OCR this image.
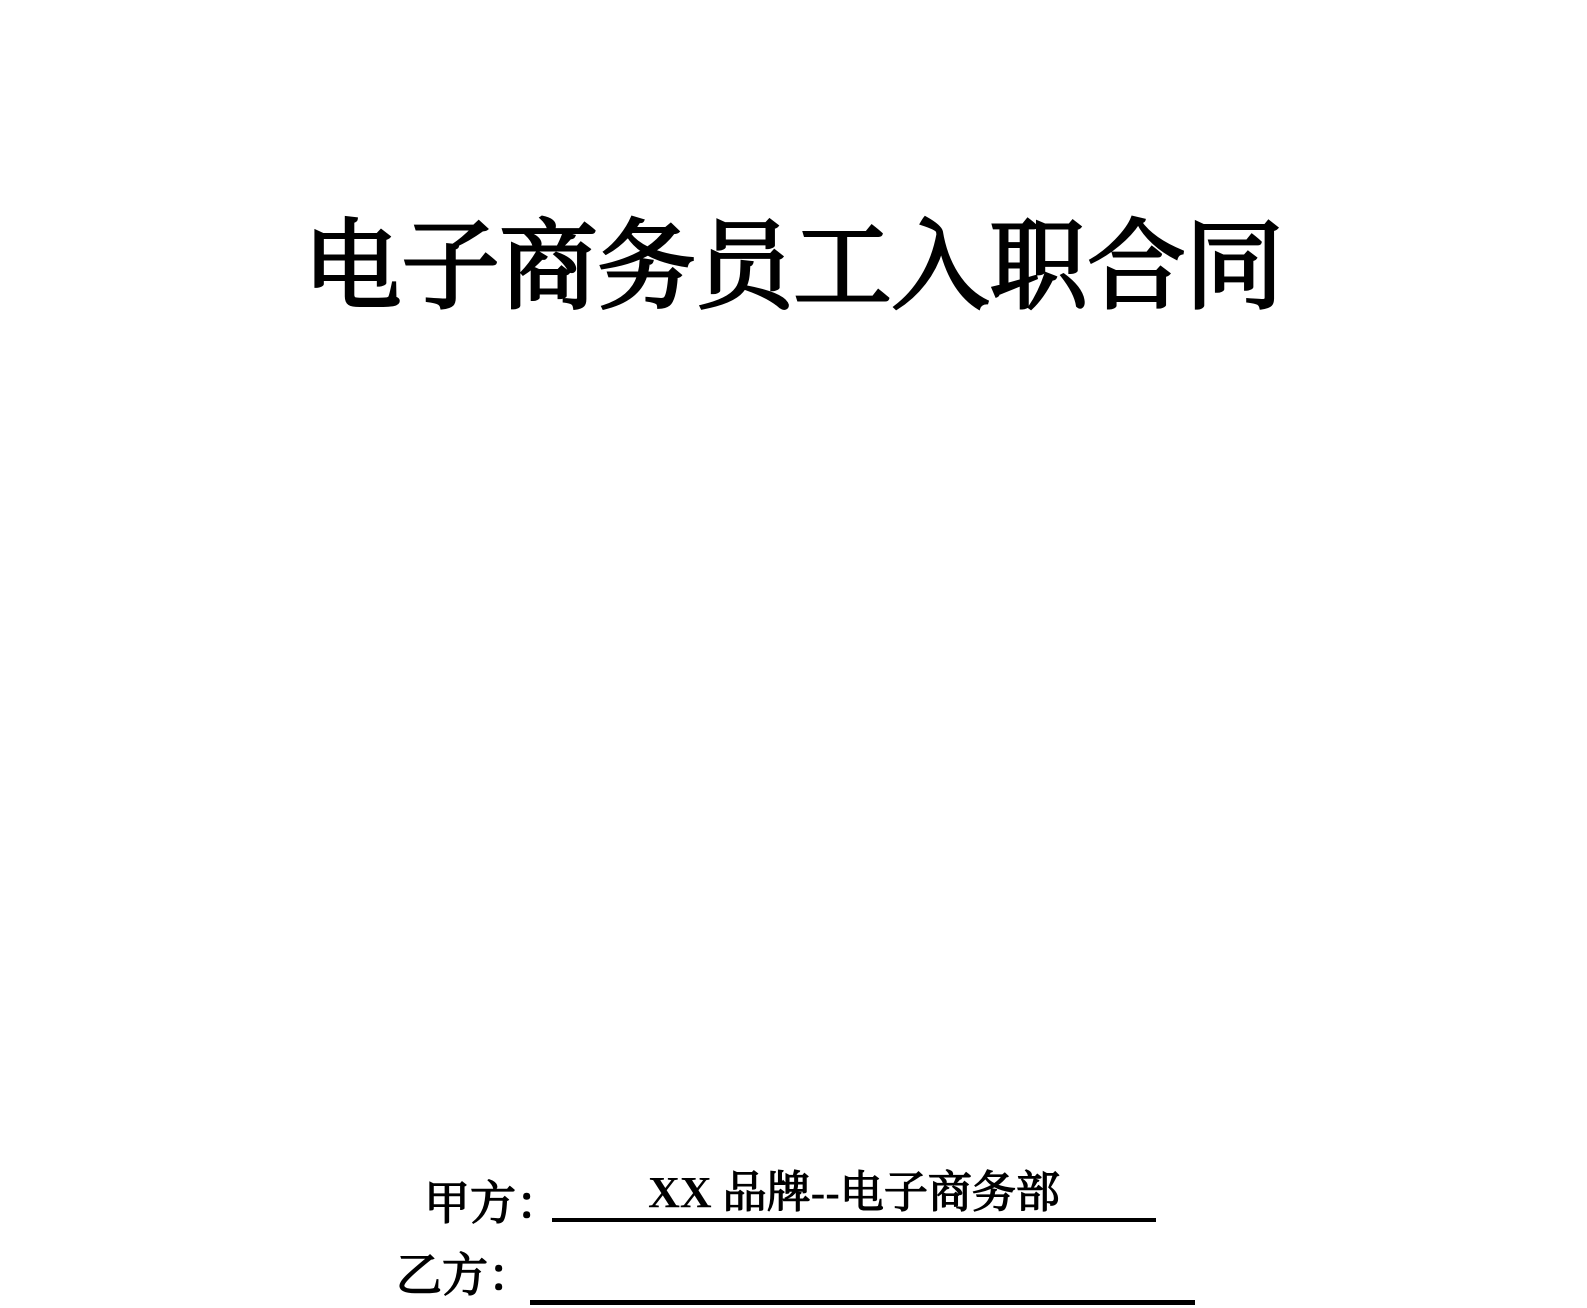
电子商务员工入职合同
甲方：	XX 品牌--电子商务部
乙方：
